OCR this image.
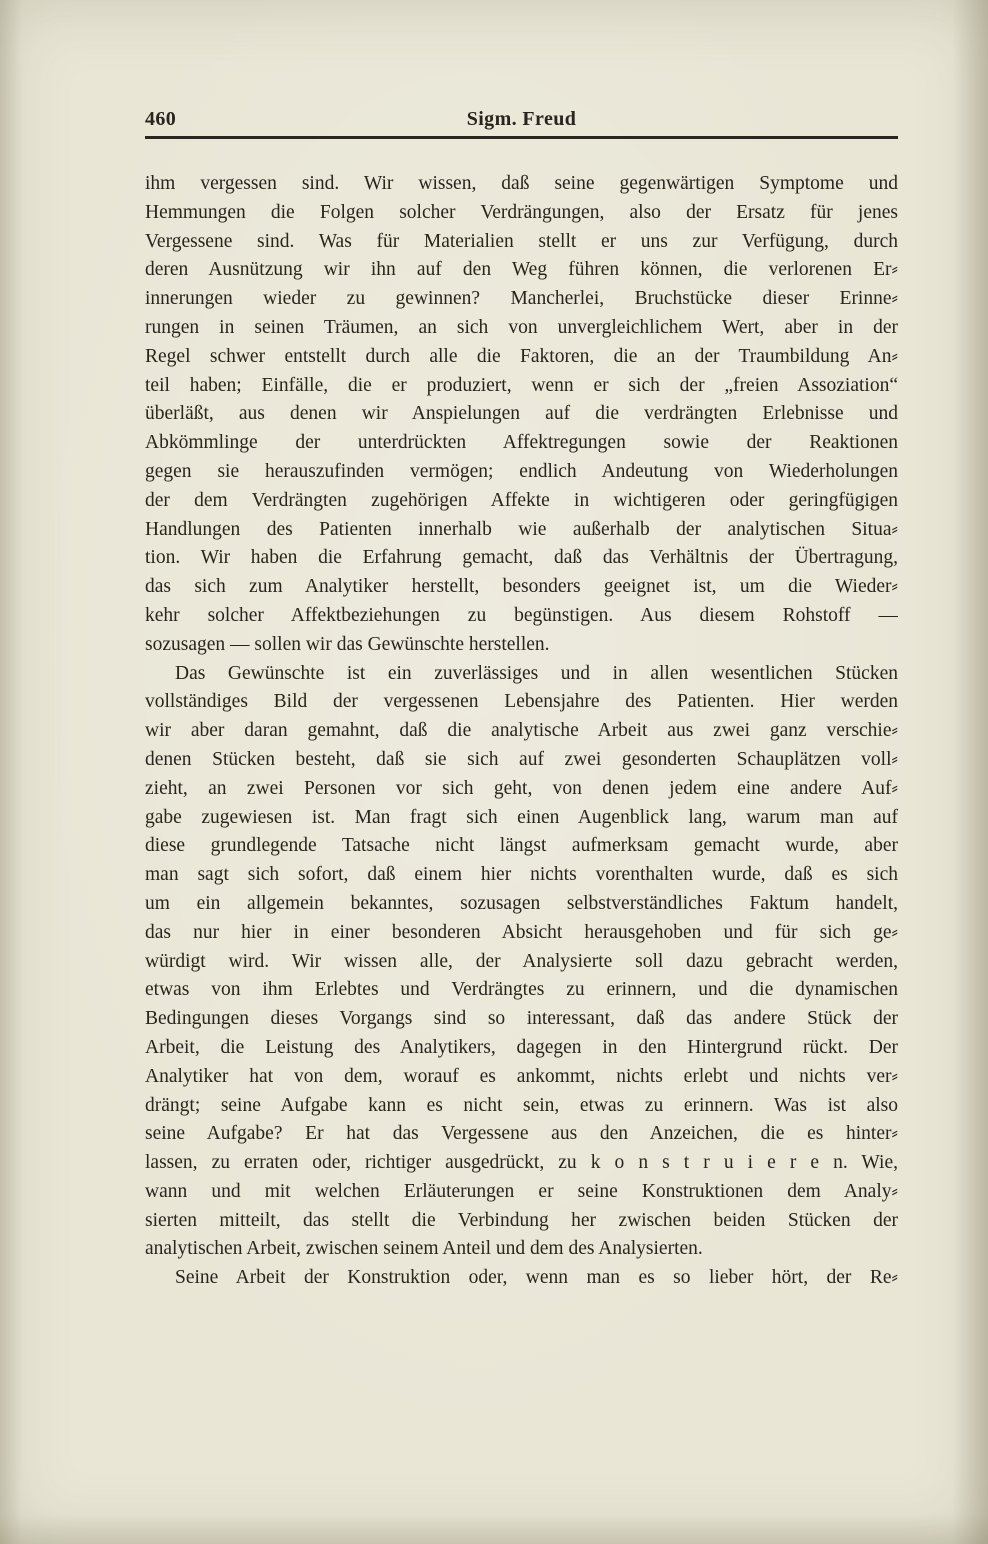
460	Sigm. Freud
ihm vergessen sind. Wir wissen, daß seine gegenwärtigen Symptome und
Hemmungen die Folgen solcher Verdrängungen, also der Ersatz für jenes
Vergessene sind. Was für Materialien stellt er uns zur Verfügung, durch
deren Ausnützung wir ihn auf den Weg führen können, die verlorenen Er⸗
innerungen wieder zu gewinnen? Mancherlei, Bruchstücke dieser Erinne⸗
rungen in seinen Träumen, an sich von unvergleichlichem Wert, aber in der
Regel schwer entstellt durch alle die Faktoren, die an der Traumbildung An⸗
teil haben; Einfälle, die er produziert, wenn er sich der „freien Assoziation“
überläßt, aus denen wir Anspielungen auf die verdrängten Erlebnisse und
Abkömmlinge der unterdrückten Affektregungen sowie der Reaktionen
gegen sie herauszufinden vermögen; endlich Andeutung von Wiederholungen
der dem Verdrängten zugehörigen Affekte in wichtigeren oder geringfügigen
Handlungen des Patienten innerhalb wie außerhalb der analytischen Situa⸗
tion. Wir haben die Erfahrung gemacht, daß das Verhältnis der Übertragung,
das sich zum Analytiker herstellt, besonders geeignet ist, um die Wieder⸗
kehr solcher Affektbeziehungen zu begünstigen. Aus diesem Rohstoff —
sozusagen — sollen wir das Gewünschte herstellen.
Das Gewünschte ist ein zuverlässiges und in allen wesentlichen Stücken
vollständiges Bild der vergessenen Lebensjahre des Patienten. Hier werden
wir aber daran gemahnt, daß die analytische Arbeit aus zwei ganz verschie⸗
denen Stücken besteht, daß sie sich auf zwei gesonderten Schauplätzen voll⸗
zieht, an zwei Personen vor sich geht, von denen jedem eine andere Auf⸗
gabe zugewiesen ist. Man fragt sich einen Augenblick lang, warum man auf
diese grundlegende Tatsache nicht längst aufmerksam gemacht wurde, aber
man sagt sich sofort, daß einem hier nichts vorenthalten wurde, daß es sich
um ein allgemein bekanntes, sozusagen selbstverständliches Faktum handelt,
das nur hier in einer besonderen Absicht herausgehoben und für sich ge⸗
würdigt wird. Wir wissen alle, der Analysierte soll dazu gebracht werden,
etwas von ihm Erlebtes und Verdrängtes zu erinnern, und die dynamischen
Bedingungen dieses Vorgangs sind so interessant, daß das andere Stück der
Arbeit, die Leistung des Analytikers, dagegen in den Hintergrund rückt. Der
Analytiker hat von dem, worauf es ankommt, nichts erlebt und nichts ver⸗
drängt; seine Aufgabe kann es nicht sein, etwas zu erinnern. Was ist also
seine Aufgabe? Er hat das Vergessene aus den Anzeichen, die es hinter⸗
lassen, zu erraten oder, richtiger ausgedrückt, zu k o n s t r u i e r e n. Wie,
wann und mit welchen Erläuterungen er seine Konstruktionen dem Analy⸗
sierten mitteilt, das stellt die Verbindung her zwischen beiden Stücken der
analytischen Arbeit, zwischen seinem Anteil und dem des Analysierten.
Seine Arbeit der Konstruktion oder, wenn man es so lieber hört, der Re⸗
